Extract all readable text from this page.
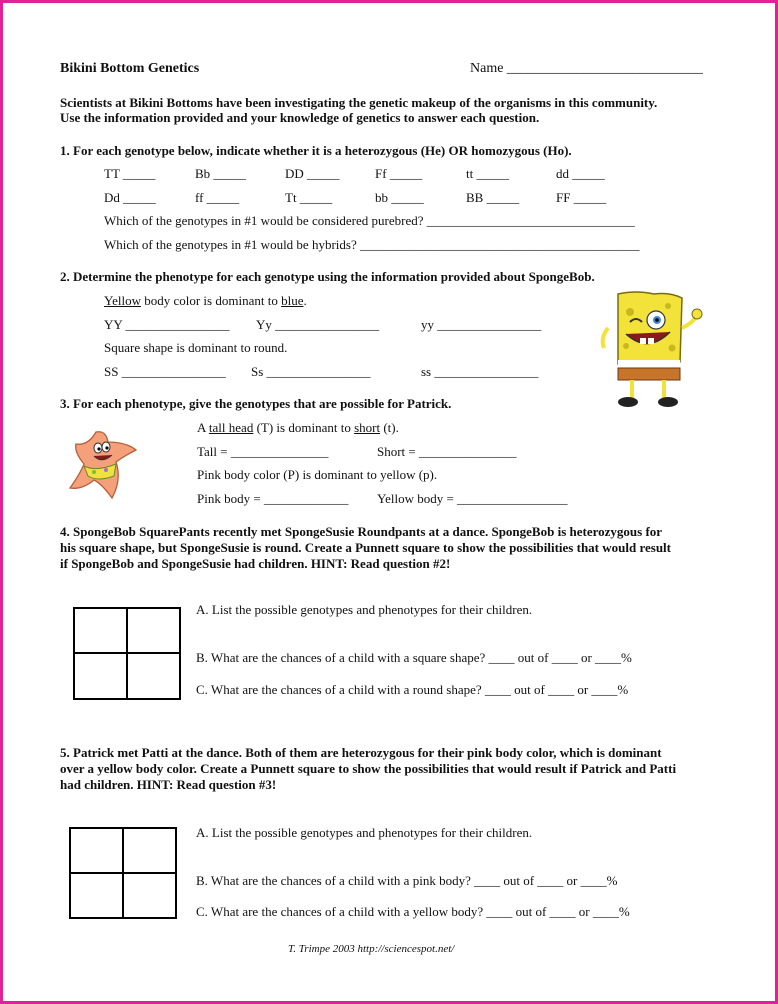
Bikini Bottom Genetics	Name ____________________________
Scientists at Bikini Bottoms have been investigating the genetic makeup of the organisms in this community.
Use the information provided and your knowledge of genetics to answer each question.
1. For each genotype below, indicate whether it is a heterozygous (He) OR homozygous (Ho).
TT _____	Bb _____	DD _____	Ff _____	tt _____	dd _____
Dd _____	ff _____	Tt _____	bb _____	BB _____	FF _____
Which of the genotypes in #1 would be considered purebred? ________________________________
Which of the genotypes in #1 would be hybrids? ___________________________________________
2. Determine the phenotype for each genotype using the information provided about SpongeBob.
Yellow body color is dominant to blue.
YY ________________ Yy ________________	yy ________________
Square shape is dominant to round.
SS ________________ Ss ________________	ss ________________
3. For each phenotype, give the genotypes that are possible for Patrick.
A tall head (T) is dominant to short (t).
Tall = _______________	Short = _______________
Pink body color (P) is dominant to yellow (p).
Pink body = _____________ Yellow body = _________________
4. SpongeBob SquarePants recently met SpongeSusie Roundpants at a dance. SpongeBob is heterozygous for
his square shape, but SpongeSusie is round. Create a Punnett square to show the possibilities that would result
if SpongeBob and SpongeSusie had children. HINT: Read question #2!
A. List the possible genotypes and phenotypes for their children.
B. What are the chances of a child with a square shape? ____ out of ____ or ____%
C. What are the chances of a child with a round shape? ____ out of ____ or ____%
5. Patrick met Patti at the dance. Both of them are heterozygous for their pink body color, which is dominant
over a yellow body color. Create a Punnett square to show the possibilities that would result if Patrick and Patti
had children. HINT: Read question #3!
A. List the possible genotypes and phenotypes for their children.
B. What are the chances of a child with a pink body? ____ out of ____ or ____%
C. What are the chances of a child with a yellow body? ____ out of ____ or ____%
T. Trimpe 2003 http://sciencespot.net/
